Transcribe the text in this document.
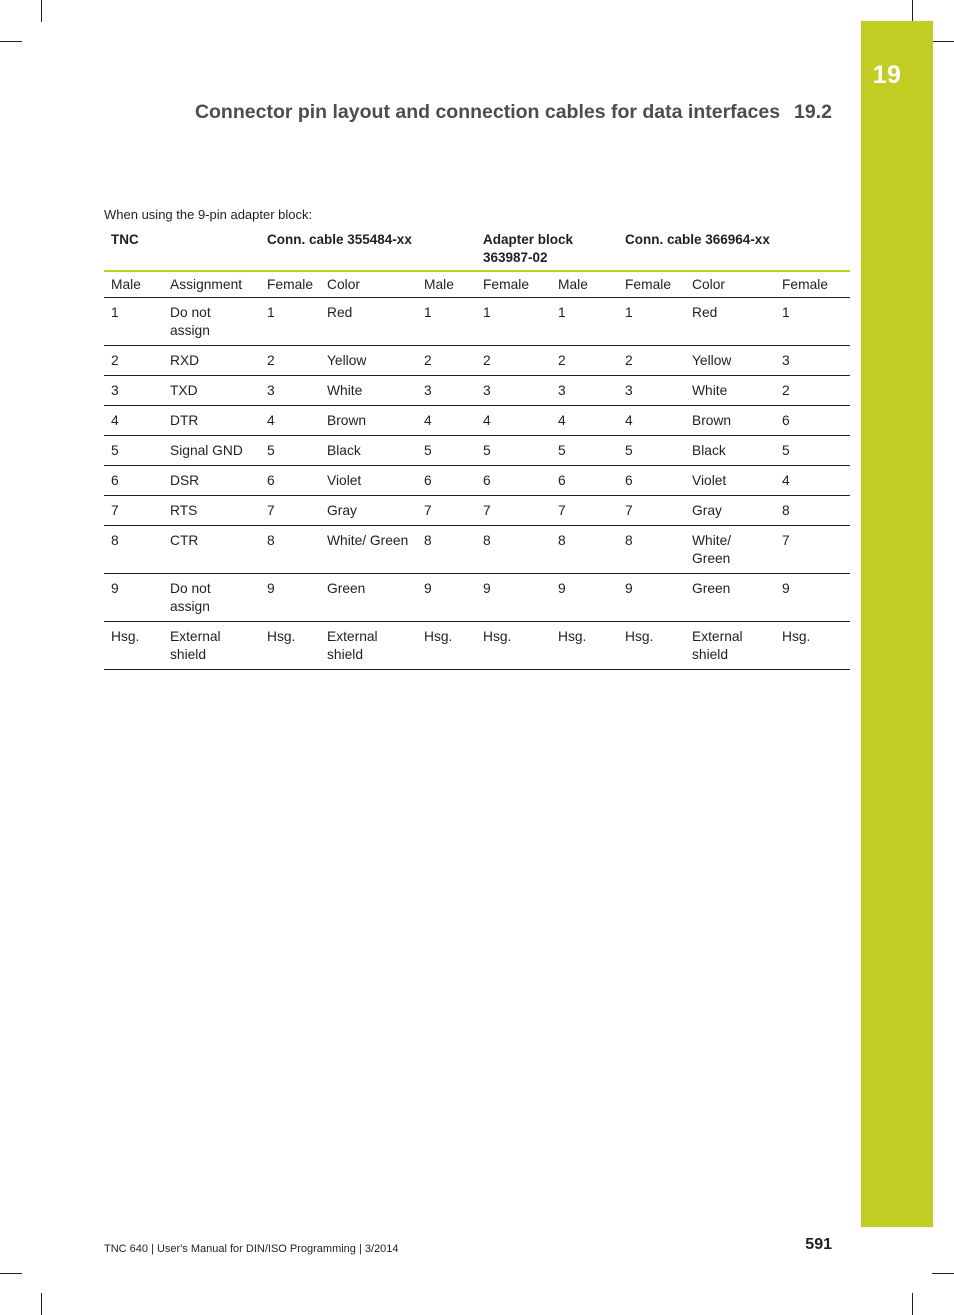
19
Connector pin layout and connection cables for data interfaces 19.2
When using the 9-pin adapter block:
TNC		Conn. cable 355484-xx			Adapter block 363987-02		Conn. cable 366964-xx		
Male	Assignment	Female	Color	Male	Female	Male	Female	Color	Female
1	Do not assign	1	Red	1	1	1	1	Red	1
2	RXD	2	Yellow	2	2	2	2	Yellow	3
3	TXD	3	White	3	3	3	3	White	2
4	DTR	4	Brown	4	4	4	4	Brown	6
5	Signal GND	5	Black	5	5	5	5	Black	5
6	DSR	6	Violet	6	6	6	6	Violet	4
7	RTS	7	Gray	7	7	7	7	Gray	8
8	CTR	8	White/ Green	8	8	8	8	White/ Green	7
9	Do not assign	9	Green	9	9	9	9	Green	9
Hsg.	External shield	Hsg.	External shield	Hsg.	Hsg.	Hsg.	Hsg.	External shield	Hsg.
TNC 640 | User's Manual for DIN/ISO Programming | 3/2014	591
